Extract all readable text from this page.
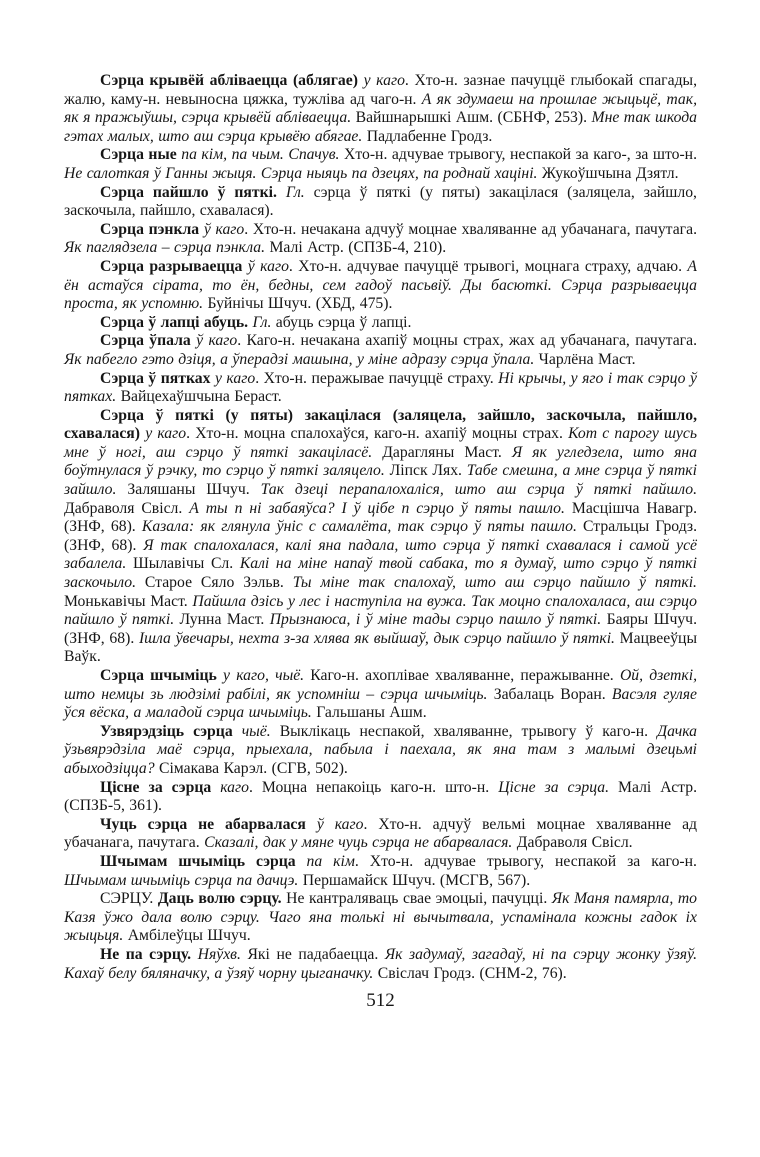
Сэрца крывёй абліваецца (аблягае) у каго. Хто-н. зазнае пачуццё глыбокай спагады, жалю, каму-н. невыносна цяжка, тужліва ад чаго-н. А як здумаеш на прошлае жыцьцё, так, як я пражыўшы, сэрца крывёй абліваецца. Вайшнарышкі Ашм. (СБНФ, 253). Мне так шкода гэтах малых, што аш сэрца крывёю абягае. Падлабенне Гродз.

Сэрца ные па кім, па чым. Спачув. Хто-н. адчувае трывогу, неспакой за каго-, за што-н. Не салоткая ў Ганны жыця. Сэрца ныяць па дзецях, па роднай хаціні. Жукоўшчына Дзятл.

Сэрца пайшло ў пяткі. Гл. сэрца ў пяткі (у пяты) закацілася (заляцела, зайшло, заскочыла, пайшло, схавалася).

Сэрца пэнкла ў каго. Хто-н. нечакана адчуў моцнае хваляванне ад убачанага, пачутага. Як паглядзела – сэрца пэнкла. Малі Астр. (СПЗБ-4, 210).

Сэрца разрываецца ў каго. Хто-н. адчувае пачуццё трывогі, моцнага страху, адчаю. А ён астаўся сірата, то ён, бедны, сем гадоў пасьвіў. Ды басюткі. Сэрца разрываецца проста, як успомню. Буйнічы Шчуч. (ХБД, 475).

Сэрца ў лапці абуць. Гл. абуць сэрца ў лапці.

Сэрца ўпала ў каго. Каго-н. нечакана ахапіў моцны страх, жах ад убачанага, пачутага. Як пабегло гэто дзіця, а ўперадзі машына, у міне адразу сэрца ўпала. Чарлёна Маст.

Сэрца ў пятках у каго. Хто-н. перажывае пачуццё страху. Ні крычы, у яго і так сэрцо ў пятках. Вайцехаўшчына Бераст.

Сэрца ў пяткі (у пяты) закацілася (заляцела, зайшло, заскочыла, пайшло, схавалася) у каго. Хто-н. моцна спалохаўся, каго-н. ахапіў моцны страх. Кот с парогу шусь мне ў ногі, аш сэрцо ў пяткі закаціласё. Дарагляны Маст. Я як угледзела, што яна боўтнулася ў рэчку, то сэрцо ў пяткі заляцело. Ліпск Лях. Табе смешна, а мне сэрца ў пяткі зайшло. Заляшаны Шчуч. Так дзеці перапалохаліся, што аш сэрца ў пяткі пайшло. Дабраволя Свісл. А ты п ні забаяўса? І ў цібе п сэрцо ў пяты пашло. Масцішча Навагр. (ЗНФ, 68). Казала: як глянула ўніс с самалёта, так сэрцо ў пяты пашло. Стральцы Гродз. (ЗНФ, 68). Я так спалохалася, калі яна падала, што сэрца ў пяткі схавалася і самой усё забалела. Шылавічы Сл. Калі на міне напаў твой сабака, то я думаў, што сэрцо ў пяткі заскочыло. Старое Сяло Зэльв. Ты міне так спалохаў, што аш сэрцо пайшло ў пяткі. Монькавічы Маст. Пайшла дзісь у лес і наступіла на вужа. Так моцно спалохаласа, аш сэрцо пайшло ў пяткі. Лунна Маст. Прызнаюса, і ў міне тады сэрцо пашло ў пяткі. Баяры Шчуч. (ЗНФ, 68). Ішла ўвечары, нехта з-за хлява як выйшаў, дык сэрцо пайшло ў пяткі. Мацвееўцы Ваўк.

Сэрца шчыміць у каго, чыё. Каго-н. ахоплівае хваляванне, перажыванне. Ой, дзеткі, што немцы зь людзімі рабілі, як успомніш – сэрца шчыміць. Забалаць Воран. Васэля гуляе ўся вёска, а маладой сэрца шчыміць. Гальшаны Ашм.

Узвярэдзіць сэрца чыё. Выклікаць неспакой, хваляванне, трывогу ў каго-н. Дачка ўзьвярэдзіла маё сэрца, прыехала, пабыла і паехала, як яна там з малымі дзецьмі абыходзіцца? Сімакава Карэл. (СГВ, 502).

Цісне за сэрца каго. Моцна непакоіць каго-н. што-н. Цісне за сэрца. Малі Астр. (СПЗБ-5, 361).

Чуць сэрца не абарвалася ў каго. Хто-н. адчуў вельмі моцнае хваляванне ад убачанага, пачутага. Сказалі, дак у мяне чуць сэрца не абарвалася. Дабраволя Свісл.

Шчымам шчыміць сэрца па кім. Хто-н. адчувае трывогу, неспакой за каго-н. Шчымам шчыміць сэрца па дачцэ. Першамайск Шчуч. (МСГВ, 567).

СЭРЦУ. Даць волю сэрцу. Не кантраляваць свае эмоцыі, пачуцці. Як Маня памярла, то Казя ўжо дала волю сэрцу. Чаго яна толькі ні вычытвала, успамінала кожны гадок іх жыцьця. Амбілеўцы Шчуч.

Не па сэрцу. Няўхв. Які не падабаецца. Як задумаў, загадаў, ні па сэрцу жонку ўзяў. Кахаў белу бяляначку, а ўзяў чорну цыганачку. Свіслач Гродз. (СНМ-2, 76).

512
